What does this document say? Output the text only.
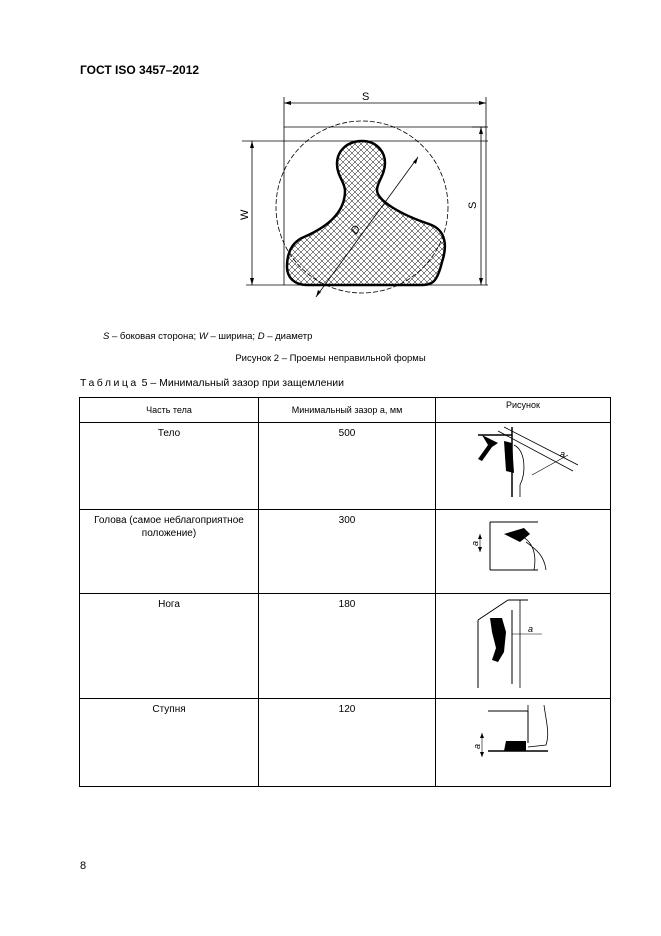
ГОСТ ISO 3457–2012
S
S
W
D
S – боковая сторона; W – ширина; D – диаметр
Рисунок 2 – Проемы неправильной формы
Таблица 5 – Минимальный зазор при защемлении
Часть тела	Минимальный зазор a, мм	Рисунок

Тело	500	a

Голова (самое неблагоприятное положение)	300	a

Нога	180	a

Ступня	120	a
8
